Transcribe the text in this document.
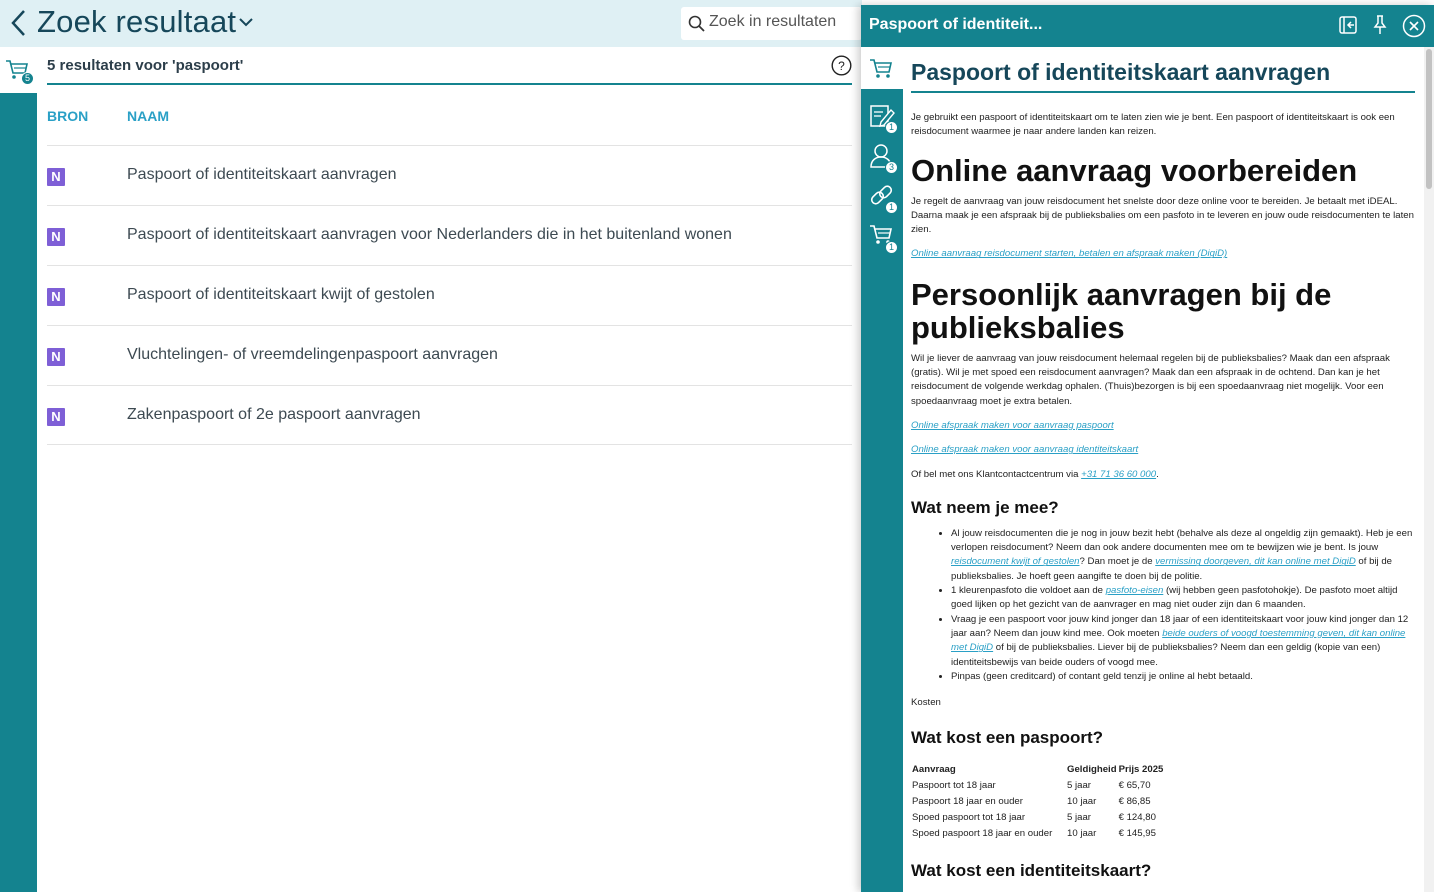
Zoek resultaat
Zoek in resultaten
5
5 resultaten voor 'paspoort'	?
BRON	NAAM
N	Paspoort of identiteitskaart aanvragen
N	Paspoort of identiteitskaart aanvragen voor Nederlanders die in het buitenland wonen
N	Paspoort of identiteitskaart kwijt of gestolen
N	Vluchtelingen- of vreemdelingenpaspoort aanvragen
N	Zakenpaspoort of 2e paspoort aanvragen
Paspoort of identiteit...
1
3
1
1
Paspoort of identiteitskaart aanvragen
Je gebruikt een paspoort of identiteitskaart om te laten zien wie je bent. Een paspoort of identiteitskaart is ook een reisdocument waarmee je naar andere landen kan reizen.
Online aanvraag voorbereiden
Je regelt de aanvraag van jouw reisdocument het snelste door deze online voor te bereiden. Je betaalt met iDEAL. Daarna maak je een afspraak bij de publieksbalies om een pasfoto in te leveren en jouw oude reisdocumenten te laten zien.
Online aanvraag reisdocument starten, betalen en afspraak maken (DigiD)
Persoonlijk aanvragen bij de publieksbalies
Wil je liever de aanvraag van jouw reisdocument helemaal regelen bij de publieksbalies? Maak dan een afspraak (gratis). Wil je met spoed een reisdocument aanvragen? Maak dan een afspraak in de ochtend. Dan kan je het reisdocument de volgende werkdag ophalen. (Thuis)bezorgen is bij een spoedaanvraag niet mogelijk. Voor een spoedaanvraag moet je extra betalen.
Online afspraak maken voor aanvraag paspoort
Online afspraak maken voor aanvraag identiteitskaart
Of bel met ons Klantcontactcentrum via +31 71 36 60 000.
Wat neem je mee?
• Al jouw reisdocumenten die je nog in jouw bezit hebt (behalve als deze al ongeldig zijn gemaakt). Heb je een verlopen reisdocument? Neem dan ook andere documenten mee om te bewijzen wie je bent. Is jouw reisdocument kwijt of gestolen? Dan moet je de vermissing doorgeven, dit kan online met DigiD of bij de publieksbalies. Je hoeft geen aangifte te doen bij de politie.
• 1 kleurenpasfoto die voldoet aan de pasfoto-eisen (wij hebben geen pasfotohokje). De pasfoto moet altijd goed lijken op het gezicht van de aanvrager en mag niet ouder zijn dan 6 maanden.
• Vraag je een paspoort voor jouw kind jonger dan 18 jaar of een identiteitskaart voor jouw kind jonger dan 12 jaar aan? Neem dan jouw kind mee. Ook moeten beide ouders of voogd toestemming geven, dit kan online met DigiD of bij de publieksbalies. Liever bij de publieksbalies? Neem dan een geldig (kopie van een) identiteitsbewijs van beide ouders of voogd mee.
• Pinpas (geen creditcard) of contant geld tenzij je online al hebt betaald.
Kosten
Wat kost een paspoort?
Aanvraag	Geldigheid	Prijs 2025
Paspoort tot 18 jaar	5 jaar	€ 65,70
Paspoort 18 jaar en ouder	10 jaar	€ 86,85
Spoed paspoort tot 18 jaar	5 jaar	€ 124,80
Spoed paspoort 18 jaar en ouder	10 jaar	€ 145,95
Wat kost een identiteitskaart?
